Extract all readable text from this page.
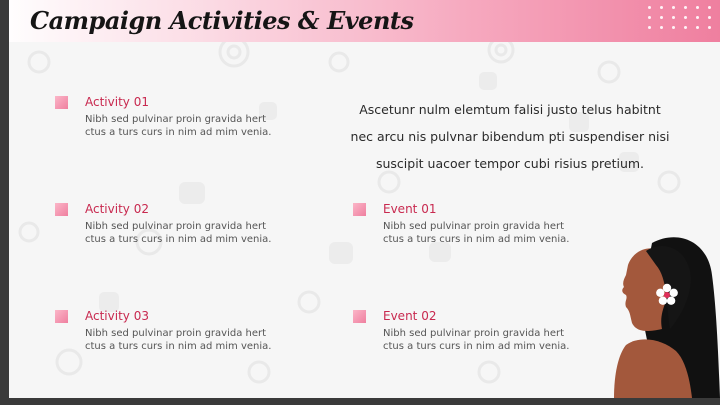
Campaign Activities & Events
Activity 01
Nibh sed pulvinar proin gravida hert ctus a turs curs in nim ad mim venia.
Activity 02
Nibh sed pulvinar proin gravida hert ctus a turs curs in nim ad mim venia.
Activity 03
Nibh sed pulvinar proin gravida hert ctus a turs curs in nim ad mim venia.
Event 01
Nibh sed pulvinar proin gravida hert ctus a turs curs in nim ad mim venia.
Event 02
Nibh sed pulvinar proin gravida hert ctus a turs curs in nim ad mim venia.
Ascetunr nulm elemtum falisi justo telus habitnt nec arcu nis pulvnar bibendum pti suspendiser nisi suscipit uacoer tempor cubi risius pretium.
